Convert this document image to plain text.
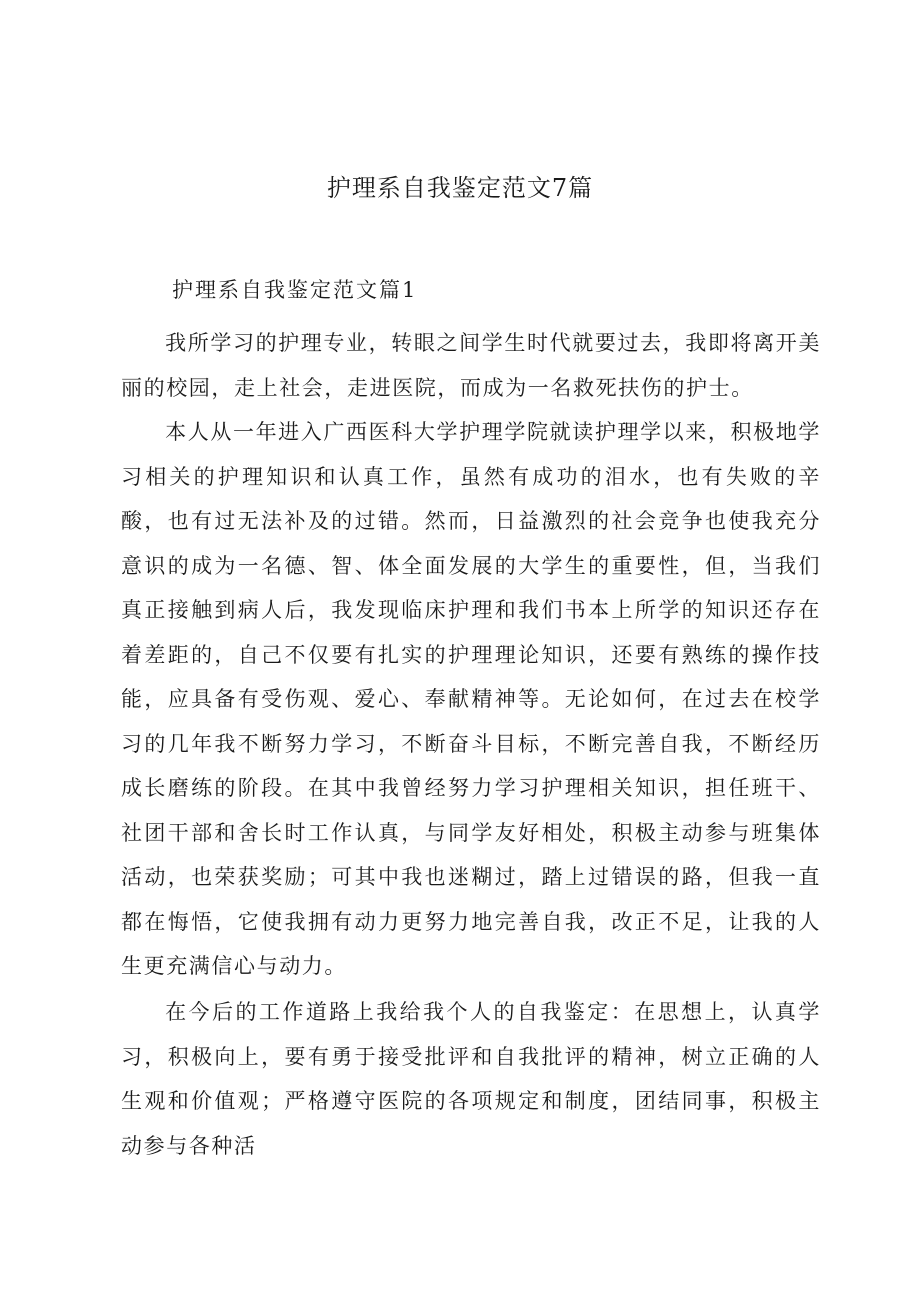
护理系自我鉴定范文7篇
护理系自我鉴定范文篇1

我所学习的护理专业，转眼之间学生时代就要过去，我即将离开美丽的校园，走上社会，走进医院，而成为一名救死扶伤的护士。

本人从一年进入广西医科大学护理学院就读护理学以来，积极地学习相关的护理知识和认真工作，虽然有成功的泪水，也有失败的辛酸，也有过无法补及的过错。然而，日益激烈的社会竞争也使我充分意识的成为一名德、智、体全面发展的大学生的重要性，但，当我们真正接触到病人后，我发现临床护理和我们书本上所学的知识还存在着差距的，自己不仅要有扎实的护理理论知识，还要有熟练的操作技能，应具备有受伤观、爱心、奉献精神等。无论如何，在过去在校学习的几年我不断努力学习，不断奋斗目标，不断完善自我，不断经历成长磨练的阶段。在其中我曾经努力学习护理相关知识，担任班干、社团干部和舍长时工作认真，与同学友好相处，积极主动参与班集体活动，也荣获奖励；可其中我也迷糊过，踏上过错误的路，但我一直都在悔悟，它使我拥有动力更努力地完善自我，改正不足，让我的人生更充满信心与动力。

在今后的工作道路上我给我个人的自我鉴定：在思想上，认真学习，积极向上，要有勇于接受批评和自我批评的精神，树立正确的人生观和价值观；严格遵守医院的各项规定和制度，团结同事，积极主动参与各种活
